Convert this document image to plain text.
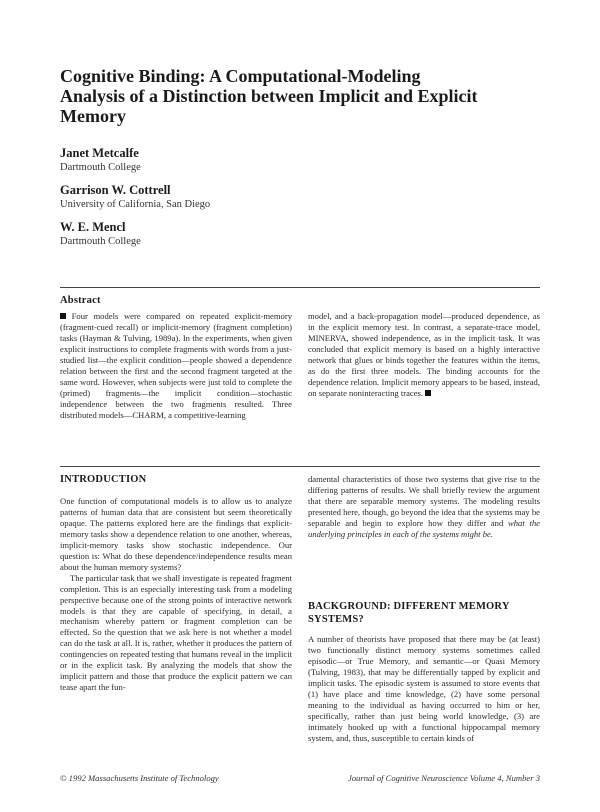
Cognitive Binding: A Computational-Modeling Analysis of a Distinction between Implicit and Explicit Memory
Janet Metcalfe
Dartmouth College
Garrison W. Cottrell
University of California, San Diego
W. E. Mencl
Dartmouth College
Abstract

Four models were compared on repeated explicit-memory (fragment-cued recall) or implicit-memory (fragment completion) tasks (Hayman & Tulving, 1989a). In the experiments, when given explicit instructions to complete fragments with words from a just-studied list—the explicit condition—people showed a dependence relation between the first and the second fragment targeted at the same word. However, when subjects were just told to complete the (primed) fragments—the implicit condition—stochastic independence between the two fragments resulted. Three distributed models—CHARM, a competitive-learning

model, and a back-propagation model—produced dependence, as in the explicit memory test. In contrast, a separate-trace model, MINERVA, showed independence, as in the implicit task. It was concluded that explicit memory is based on a highly interactive network that glues or binds together the features within the items, as do the first three models. The binding accounts for the dependence relation. Implicit memory appears to be based, instead, on separate noninteracting traces.

INTRODUCTION

One function of computational models is to allow us to analyze patterns of human data that are consistent but seem theoretically opaque. The patterns explored here are the findings that explicit-memory tasks show a dependence relation to one another, whereas, implicit-memory tasks show stochastic independence. Our question is: What do these dependence/independence results mean about the human memory systems?

The particular task that we shall investigate is repeated fragment completion. This is an especially interesting task from a modeling perspective because one of the strong points of interactive network models is that they are capable of specifying, in detail, a mechanism whereby pattern or fragment completion can be effected. So the question that we ask here is not whether a model can do the task at all. It is, rather, whether it produces the pattern of contingencies on repeated testing that humans reveal in the implicit or in the explicit task. By analyzing the models that show the implicit pattern and those that produce the explicit pattern we can tease apart the fun-

damental characteristics of those two systems that give rise to the differing patterns of results. We shall briefly review the argument that there are separable memory systems. The modeling results presented here, though, go beyond the idea that the systems may be separable and begin to explore how they differ and what the underlying principles in each of the systems might be.

BACKGROUND: DIFFERENT MEMORY SYSTEMS?

A number of theorists have proposed that there may be (at least) two functionally distinct memory systems sometimes called episodic—or True Memory, and semantic—or Quasi Memory (Tulving, 1983), that may be differentially tapped by explicit and implicit tasks. The episodic system is assumed to store events that (1) have place and time knowledge, (2) have some personal meaning to the individual as having occurred to him or her, specifically, rather than just being world knowledge, (3) are intimately hooked up with a functional hippocampal memory system, and, thus, susceptible to certain kinds of

© 1992 Massachusetts Institute of Technology	Journal of Cognitive Neuroscience Volume 4, Number 3
